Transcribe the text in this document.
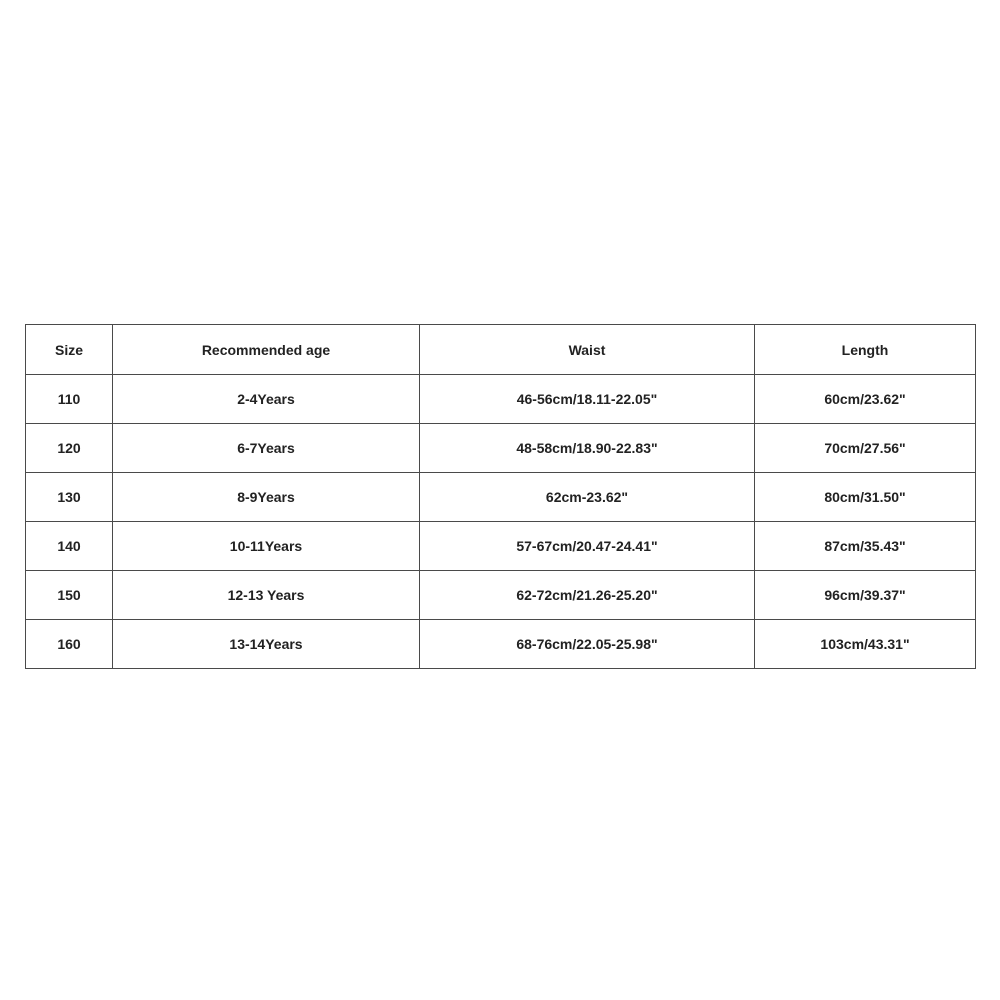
Size	Recommended age	Waist	Length
110	2-4Years	46-56cm/18.11-22.05"	60cm/23.62"
120	6-7Years	48-58cm/18.90-22.83"	70cm/27.56"
130	8-9Years	62cm-23.62"	80cm/31.50"
140	10-11Years	57-67cm/20.47-24.41"	87cm/35.43"
150	12-13 Years	62-72cm/21.26-25.20"	96cm/39.37"
160	13-14Years	68-76cm/22.05-25.98"	103cm/43.31"
